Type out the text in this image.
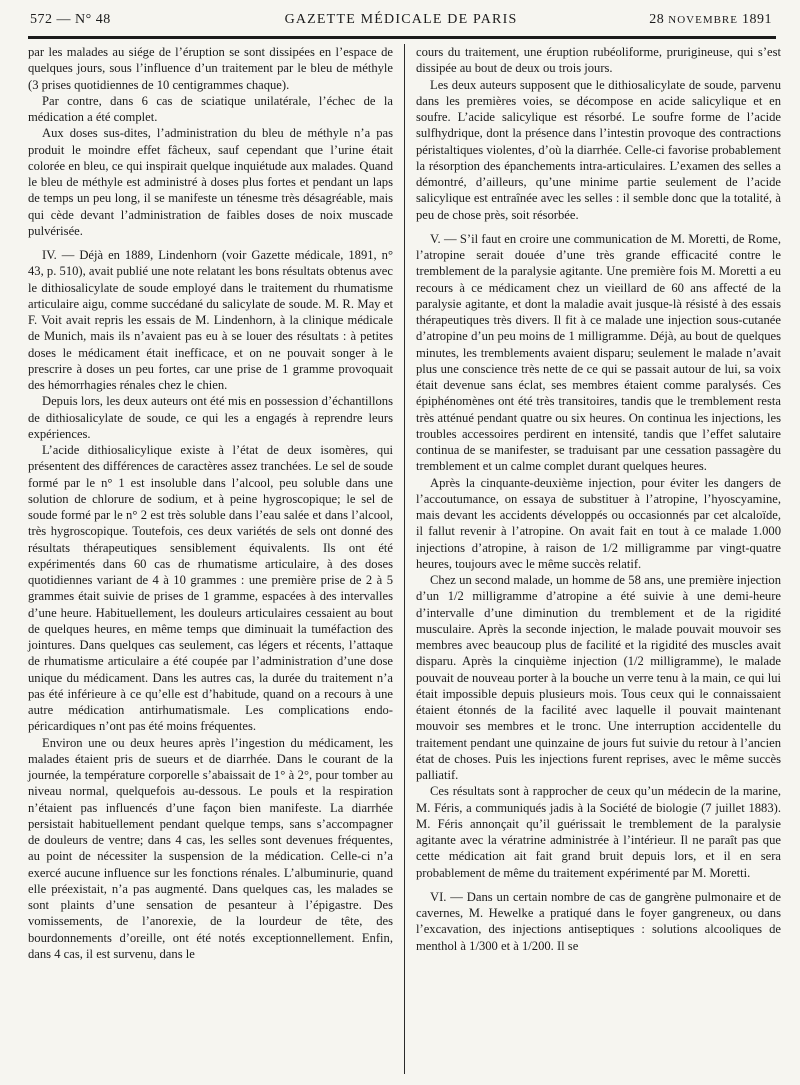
572 — N° 48	GAZETTE MÉDICALE DE PARIS	28 NOVEMBRE 1891

par les malades au siége de l’éruption se sont dissipées en l’espace de quelques jours, sous l’influence d’un traitement par le bleu de méthyle (3 prises quotidiennes de 10 centigrammes chaque).

Par contre, dans 6 cas de sciatique unilatérale, l’échec de la médication a été complet.

Aux doses sus-dites, l’administration du bleu de méthyle n’a pas produit le moindre effet fâcheux, sauf cependant que l’urine était colorée en bleu, ce qui inspirait quelque inquiétude aux malades. Quand le bleu de méthyle est administré à doses plus fortes et pendant un laps de temps un peu long, il se manifeste un ténesme très désagréable, mais qui cède devant l’administration de faibles doses de noix muscade pulvérisée.

IV. — Déjà en 1889, Lindenhorn (voir Gazette médicale, 1891, n° 43, p. 510), avait publié une note relatant les bons résultats obtenus avec le dithiosalicylate de soude employé dans le traitement du rhumatisme articulaire aigu, comme succédané du salicylate de soude. M. R. May et F. Voit avait repris les essais de M. Lindenhorn, à la clinique médicale de Munich, mais ils n’avaient pas eu à se louer des résultats : à petites doses le médicament était inefficace, et on ne pouvait songer à le prescrire à doses un peu fortes, car une prise de 1 gramme provoquait des hémorrhagies rénales chez le chien.

Depuis lors, les deux auteurs ont été mis en possession d’échantillons de dithiosalicylate de soude, ce qui les a engagés à reprendre leurs expériences.

L’acide dithiosalicylique existe à l’état de deux isomères, qui présentent des différences de caractères assez tranchées. Le sel de soude formé par le n° 1 est insoluble dans l’alcool, peu soluble dans une solution de chlorure de sodium, et à peine hygroscopique; le sel de soude formé par le n° 2 est très soluble dans l’eau salée et dans l’alcool, très hygroscopique. Toutefois, ces deux variétés de sels ont donné des résultats thérapeutiques sensiblement équivalents. Ils ont été expérimentés dans 60 cas de rhumatisme articulaire, à des doses quotidiennes variant de 4 à 10 grammes : une première prise de 2 à 5 grammes était suivie de prises de 1 gramme, espacées à des intervalles d’une heure. Habituellement, les douleurs articulaires cessaient au bout de quelques heures, en même temps que diminuait la tuméfaction des jointures. Dans quelques cas seulement, cas légers et récents, l’attaque de rhumatisme articulaire a été coupée par l’administration d’une dose unique du médicament. Dans les autres cas, la durée du traitement n’a pas été inférieure à ce qu’elle est d’habitude, quand on a recours à une autre médication antirhumatismale. Les complications endo-péricardiques n’ont pas été moins fréquentes.

Environ une ou deux heures après l’ingestion du médicament, les malades étaient pris de sueurs et de diarrhée. Dans le courant de la journée, la température corporelle s’abaissait de 1° à 2°, pour tomber au niveau normal, quelquefois au-dessous. Le pouls et la respiration n’étaient pas influencés d’une façon bien manifeste. La diarrhée persistait habituellement pendant quelque temps, sans s’accompagner de douleurs de ventre; dans 4 cas, les selles sont devenues fréquentes, au point de nécessiter la suspension de la médication. Celle-ci n’a exercé aucune influence sur les fonctions rénales. L’albuminurie, quand elle préexistait, n’a pas augmenté. Dans quelques cas, les malades se sont plaints d’une sensation de pesanteur à l’épigastre. Des vomissements, de l’anorexie, de la lourdeur de tête, des bourdonnements d’oreille, ont été notés exceptionnellement. Enfin, dans 4 cas, il est survenu, dans le

cours du traitement, une éruption rubéoliforme, prurigineuse, qui s’est dissipée au bout de deux ou trois jours.

Les deux auteurs supposent que le dithiosalicylate de soude, parvenu dans les premières voies, se décompose en acide salicylique et en soufre. L’acide salicylique est résorbé. Le soufre forme de l’acide sulfhydrique, dont la présence dans l’intestin provoque des contractions péristaltiques violentes, d’où la diarrhée. Celle-ci favorise probablement la résorption des épanchements intra-articulaires. L’examen des selles a démontré, d’ailleurs, qu’une minime partie seulement de l’acide salicylique est entraînée avec les selles : il semble donc que la totalité, à peu de chose près, soit résorbée.

V. — S’il faut en croire une communication de M. Moretti, de Rome, l’atropine serait douée d’une très grande efficacité contre le tremblement de la paralysie agitante. Une première fois M. Moretti a eu recours à ce médicament chez un vieillard de 60 ans affecté de la paralysie agitante, et dont la maladie avait jusque-là résisté à des essais thérapeutiques très divers. Il fit à ce malade une injection sous-cutanée d’atropine d’un peu moins de 1 milligramme. Déjà, au bout de quelques minutes, les tremblements avaient disparu; seulement le malade n’avait plus une conscience très nette de ce qui se passait autour de lui, sa voix était devenue sans éclat, ses membres étaient comme paralysés. Ces épiphénomènes ont été très transitoires, tandis que le tremblement resta très atténué pendant quatre ou six heures. On continua les injections, les troubles accessoires perdirent en intensité, tandis que l’effet salutaire continua de se manifester, se traduisant par une cessation passagère du tremblement et un calme complet durant quelques heures.

Après la cinquante-deuxième injection, pour éviter les dangers de l’accoutumance, on essaya de substituer à l’atropine, l’hyoscyamine, mais devant les accidents développés ou occasionnés par cet alcaloïde, il fallut revenir à l’atropine. On avait fait en tout à ce malade 1.000 injections d’atropine, à raison de 1/2 milligramme par vingt-quatre heures, toujours avec le même succès relatif.

Chez un second malade, un homme de 58 ans, une première injection d’un 1/2 milligramme d’atropine a été suivie à une demi-heure d’intervalle d’une diminution du tremblement et de la rigidité musculaire. Après la seconde injection, le malade pouvait mouvoir ses membres avec beaucoup plus de facilité et la rigidité des muscles avait disparu. Après la cinquième injection (1/2 milligramme), le malade pouvait de nouveau porter à la bouche un verre tenu à la main, ce qui lui était impossible depuis plusieurs mois. Tous ceux qui le connaissaient étaient étonnés de la facilité avec laquelle il pouvait maintenant mouvoir ses membres et le tronc. Une interruption accidentelle du traitement pendant une quinzaine de jours fut suivie du retour à l’ancien état de choses. Puis les injections furent reprises, avec le même succès palliatif.

Ces résultats sont à rapprocher de ceux qu’un médecin de la marine, M. Féris, a communiqués jadis à la Société de biologie (7 juillet 1883). M. Féris annonçait qu’il guérissait le tremblement de la paralysie agitante avec la vératrine administrée à l’intérieur. Il ne paraît pas que cette médication ait fait grand bruit depuis lors, et il en sera probablement de même du traitement expérimenté par M. Moretti.

VI. — Dans un certain nombre de cas de gangrène pulmonaire et de cavernes, M. Hewelke a pratiqué dans le foyer gangreneux, ou dans l’excavation, des injections antiseptiques : solutions alcooliques de menthol à 1/300 et à 1/200. Il se
